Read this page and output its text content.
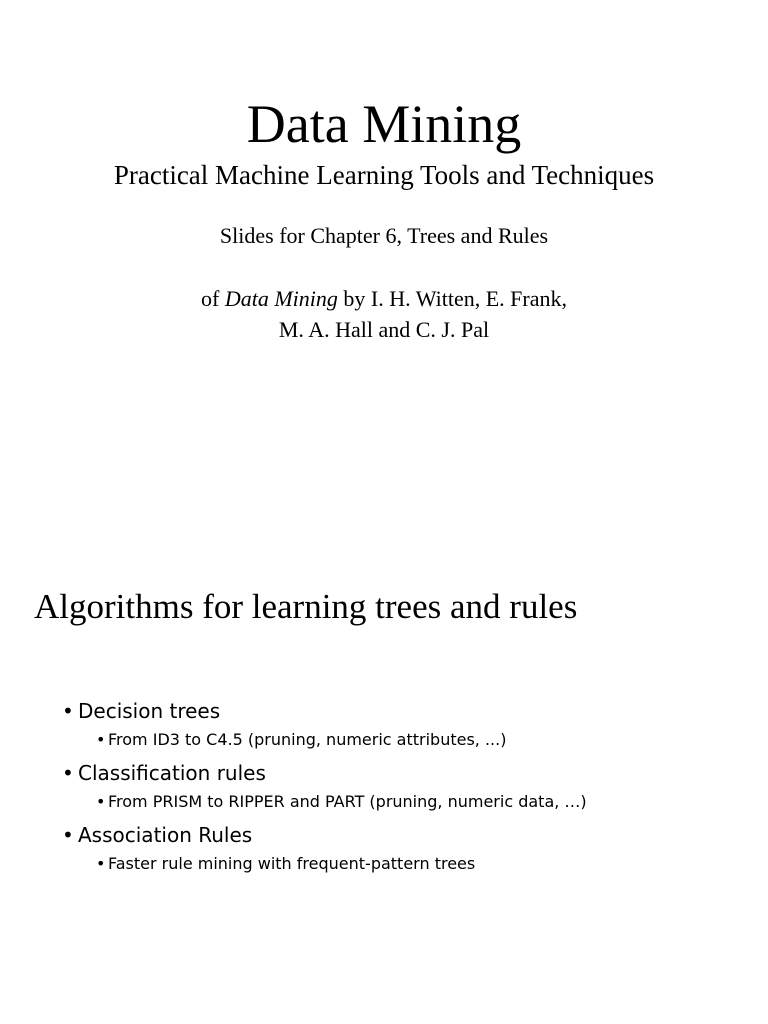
Data Mining
Practical Machine Learning Tools and Techniques
Slides for Chapter 6, Trees and Rules
of Data Mining by I. H. Witten, E. Frank,
M. A. Hall and C. J. Pal
Algorithms for learning trees and rules
• Decision trees
• From ID3 to C4.5 (pruning, numeric attributes, ...)
• Classification rules
• From PRISM to RIPPER and PART (pruning, numeric data, …)
• Association Rules
• Faster rule mining with frequent-pattern trees
